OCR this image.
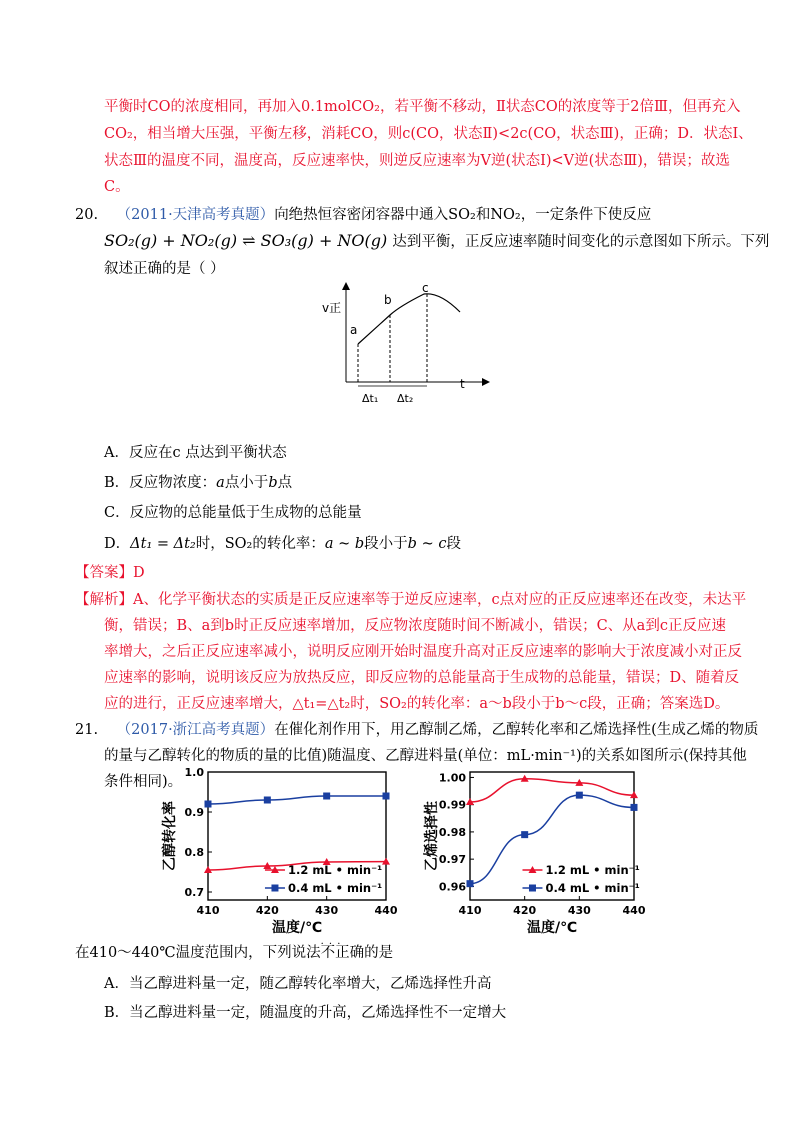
平衡时CO的浓度相同，再加入0.1molCO₂，若平衡不移动，Ⅱ状态CO的浓度等于2倍Ⅲ，但再充入
CO₂，相当增大压强，平衡左移，消耗CO，则c(CO，状态Ⅱ)<2c(CO，状态Ⅲ)，正确；D．状态Ⅰ、
状态Ⅲ的温度不同，温度高，反应速率快，则逆反应速率为V逆(状态Ⅰ)<V逆(状态Ⅲ)，错误；故选
C。
20. （2011·天津高考真题）向绝热恒容密闭容器中通入SO₂和NO₂，一定条件下使反应
SO₂(g) + NO₂(g) ⇌ SO₃(g) + NO(g) 达到平衡，正反应速率随时间变化的示意图如下所示。下列
叙述正确的是（ ）
v正
t
a
b
c
Δt₁ Δt₂
A．反应在c 点达到平衡状态
B．反应物浓度：a点小于b点
C．反应物的总能量低于生成物的总能量
D．Δt₁ = Δt₂时，SO₂的转化率：a ~ b段小于b ~ c段
【答案】D
【解析】A、化学平衡状态的实质是正反应速率等于逆反应速率，c点对应的正反应速率还在改变，未达平
衡，错误；B、a到b时正反应速率增加，反应物浓度随时间不断减小，错误；C、从a到c正反应速
率增大，之后正反应速率减小，说明反应刚开始时温度升高对正反应速率的影响大于浓度减小对正反
应速率的影响，说明该反应为放热反应，即反应物的总能量高于生成物的总能量，错误；D、随着反
应的进行，正反应速率增大，△t₁=△t₂时，SO₂的转化率：a～b段小于b～c段，正确；答案选D。
21. （2017·浙江高考真题）在催化剂作用下，用乙醇制乙烯，乙醇转化率和乙烯选择性(生成乙烯的物质
的量与乙醇转化的物质的量的比值)随温度、乙醇进料量(单位：mL·min⁻¹)的关系如图所示(保持其他
条件相同)。
410	420	430	440
0.7
0.8
0.9
1.0
乙醇转化率
温度/℃
1.2 mL • min⁻¹
0.4 mL • min⁻¹
410	420	430	440
0.96
0.97
0.98
0.99
1.00
乙烯选择性
温度/℃
1.2 mL • min⁻¹
0.4 mL • min⁻¹
在410～440℃温度范围内，下列说法不正确 · · ·的是
A．当乙醇进料量一定，随乙醇转化率增大，乙烯选择性升高
B．当乙醇进料量一定，随温度的升高，乙烯选择性不一定增大
